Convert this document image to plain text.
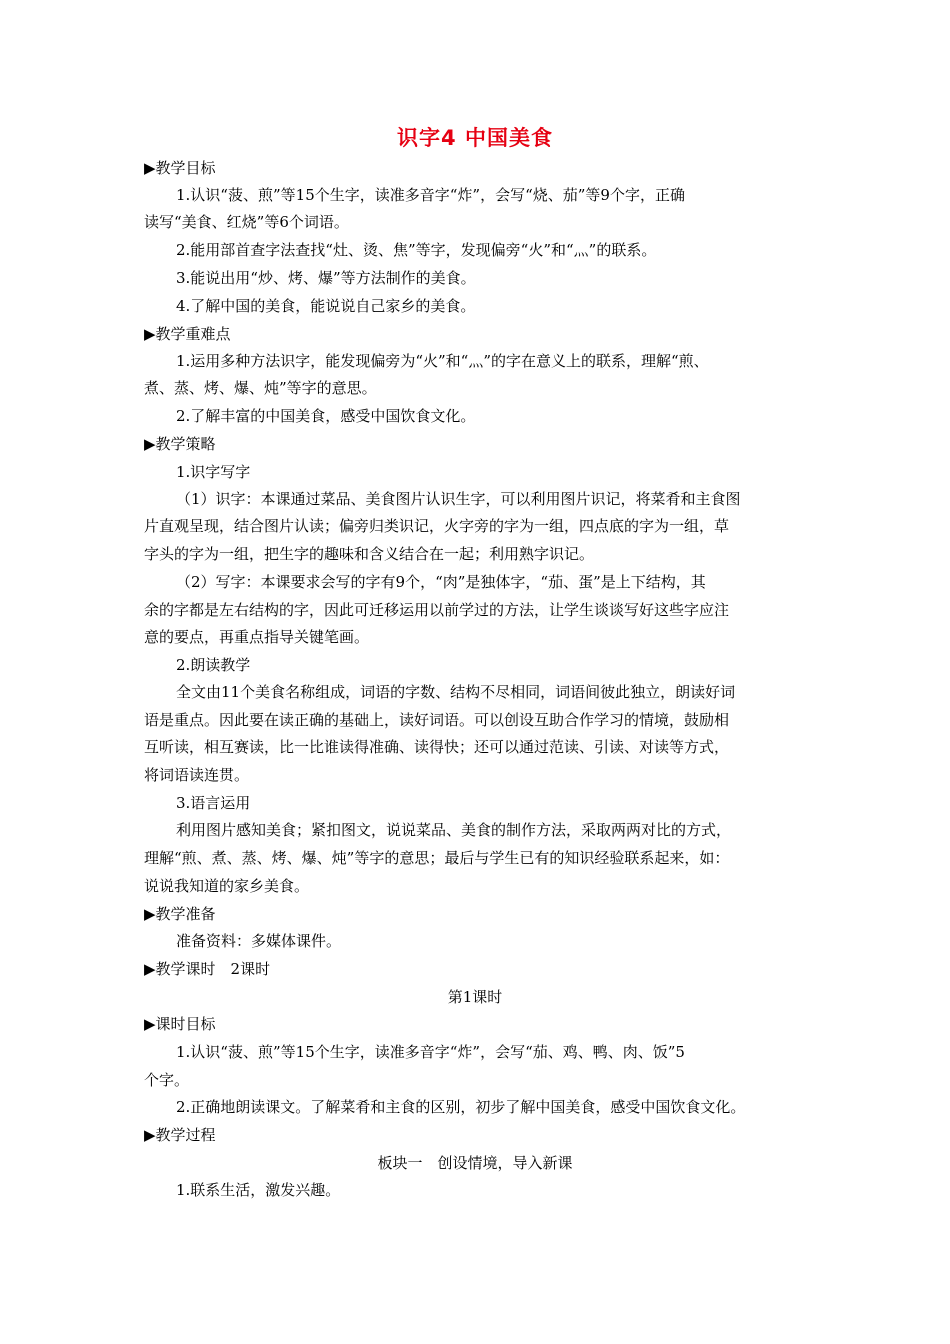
识字4 中国美食
▶教学目标
1.认识“菠、煎”等15个生字，读准多音字“炸”，会写“烧、茄”等9个字，正确
读写“美食、红烧”等6个词语。
2.能用部首查字法查找“灶、烫、焦”等字，发现偏旁“火”和“灬”的联系。
3.能说出用“炒、烤、爆”等方法制作的美食。
4.了解中国的美食，能说说自己家乡的美食。
▶教学重难点
1.运用多种方法识字，能发现偏旁为“火”和“灬”的字在意义上的联系，理解“煎、
煮、蒸、烤、爆、炖”等字的意思。
2.了解丰富的中国美食，感受中国饮食文化。
▶教学策略
1.识字写字
（1）识字：本课通过菜品、美食图片认识生字，可以利用图片识记，将菜肴和主食图
片直观呈现，结合图片认读；偏旁归类识记，火字旁的字为一组，四点底的字为一组，草
字头的字为一组，把生字的趣味和含义结合在一起；利用熟字识记。
（2）写字：本课要求会写的字有9个，“肉”是独体字，“茄、蛋”是上下结构，其
余的字都是左右结构的字，因此可迁移运用以前学过的方法，让学生谈谈写好这些字应注
意的要点，再重点指导关键笔画。
2.朗读教学
全文由11个美食名称组成，词语的字数、结构不尽相同，词语间彼此独立，朗读好词
语是重点。因此要在读正确的基础上，读好词语。可以创设互助合作学习的情境，鼓励相
互听读，相互赛读，比一比谁读得准确、读得快；还可以通过范读、引读、对读等方式，
将词语读连贯。
3.语言运用
利用图片感知美食；紧扣图文，说说菜品、美食的制作方法，采取两两对比的方式，
理解“煎、煮、蒸、烤、爆、炖”等字的意思；最后与学生已有的知识经验联系起来，如：
说说我知道的家乡美食。
▶教学准备
准备资料：多媒体课件。
▶教学课时　2课时
第1课时
▶课时目标
1.认识“菠、煎”等15个生字，读准多音字“炸”，会写“茄、鸡、鸭、肉、饭”5
个字。
2.正确地朗读课文。了解菜肴和主食的区别，初步了解中国美食，感受中国饮食文化。
▶教学过程
板块一　创设情境，导入新课
1.联系生活，激发兴趣。
